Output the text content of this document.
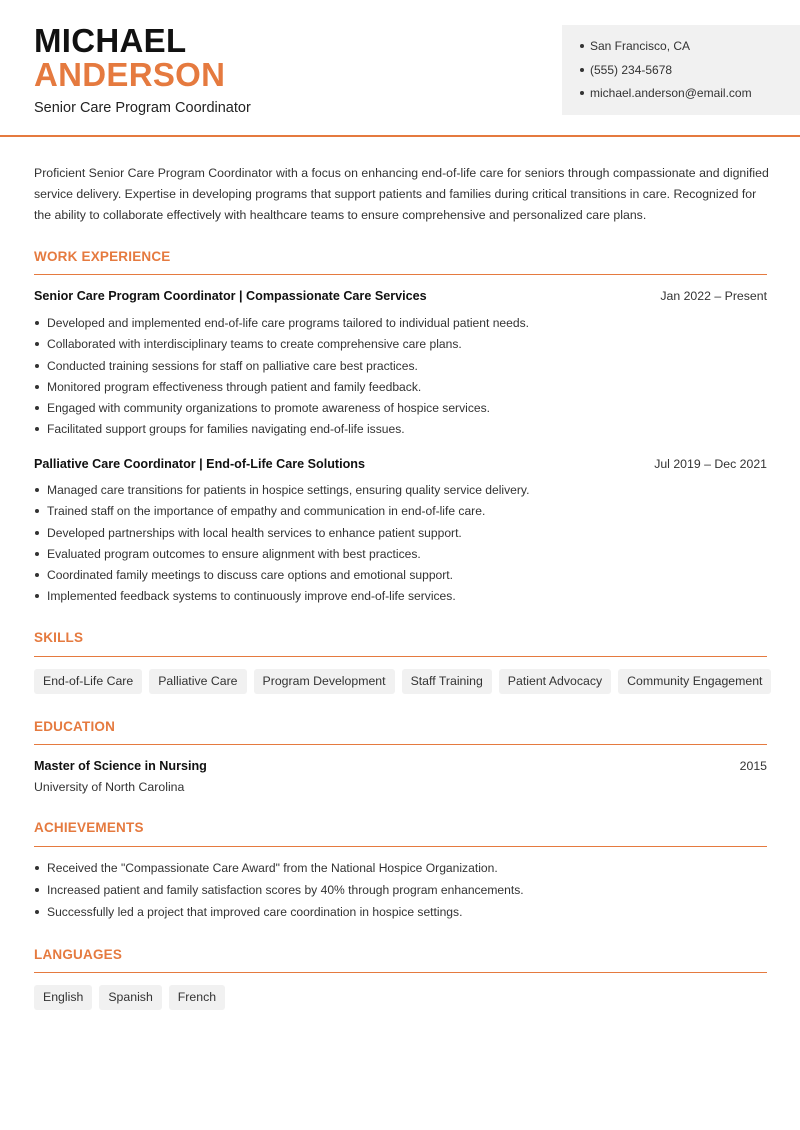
MICHAEL
ANDERSON
Senior Care Program Coordinator
San Francisco, CA
(555) 234-5678
michael.anderson@email.com

Proficient Senior Care Program Coordinator with a focus on enhancing end-of-life care for seniors through compassionate and dignified service delivery. Expertise in developing programs that support patients and families during critical transitions in care. Recognized for the ability to collaborate effectively with healthcare teams to ensure comprehensive and personalized care plans.

WORK EXPERIENCE
Senior Care Program Coordinator | Compassionate Care Services	Jan 2022 – Present
Developed and implemented end-of-life care programs tailored to individual patient needs.
Collaborated with interdisciplinary teams to create comprehensive care plans.
Conducted training sessions for staff on palliative care best practices.
Monitored program effectiveness through patient and family feedback.
Engaged with community organizations to promote awareness of hospice services.
Facilitated support groups for families navigating end-of-life issues.
Palliative Care Coordinator | End-of-Life Care Solutions	Jul 2019 – Dec 2021
Managed care transitions for patients in hospice settings, ensuring quality service delivery.
Trained staff on the importance of empathy and communication in end-of-life care.
Developed partnerships with local health services to enhance patient support.
Evaluated program outcomes to ensure alignment with best practices.
Coordinated family meetings to discuss care options and emotional support.
Implemented feedback systems to continuously improve end-of-life services.
SKILLS
End-of-Life Care	Palliative Care	Program Development	Staff Training	Patient Advocacy	Community Engagement
EDUCATION
Master of Science in Nursing	2015
University of North Carolina
ACHIEVEMENTS
Received the "Compassionate Care Award" from the National Hospice Organization.
Increased patient and family satisfaction scores by 40% through program enhancements.
Successfully led a project that improved care coordination in hospice settings.
LANGUAGES
English	Spanish	French
